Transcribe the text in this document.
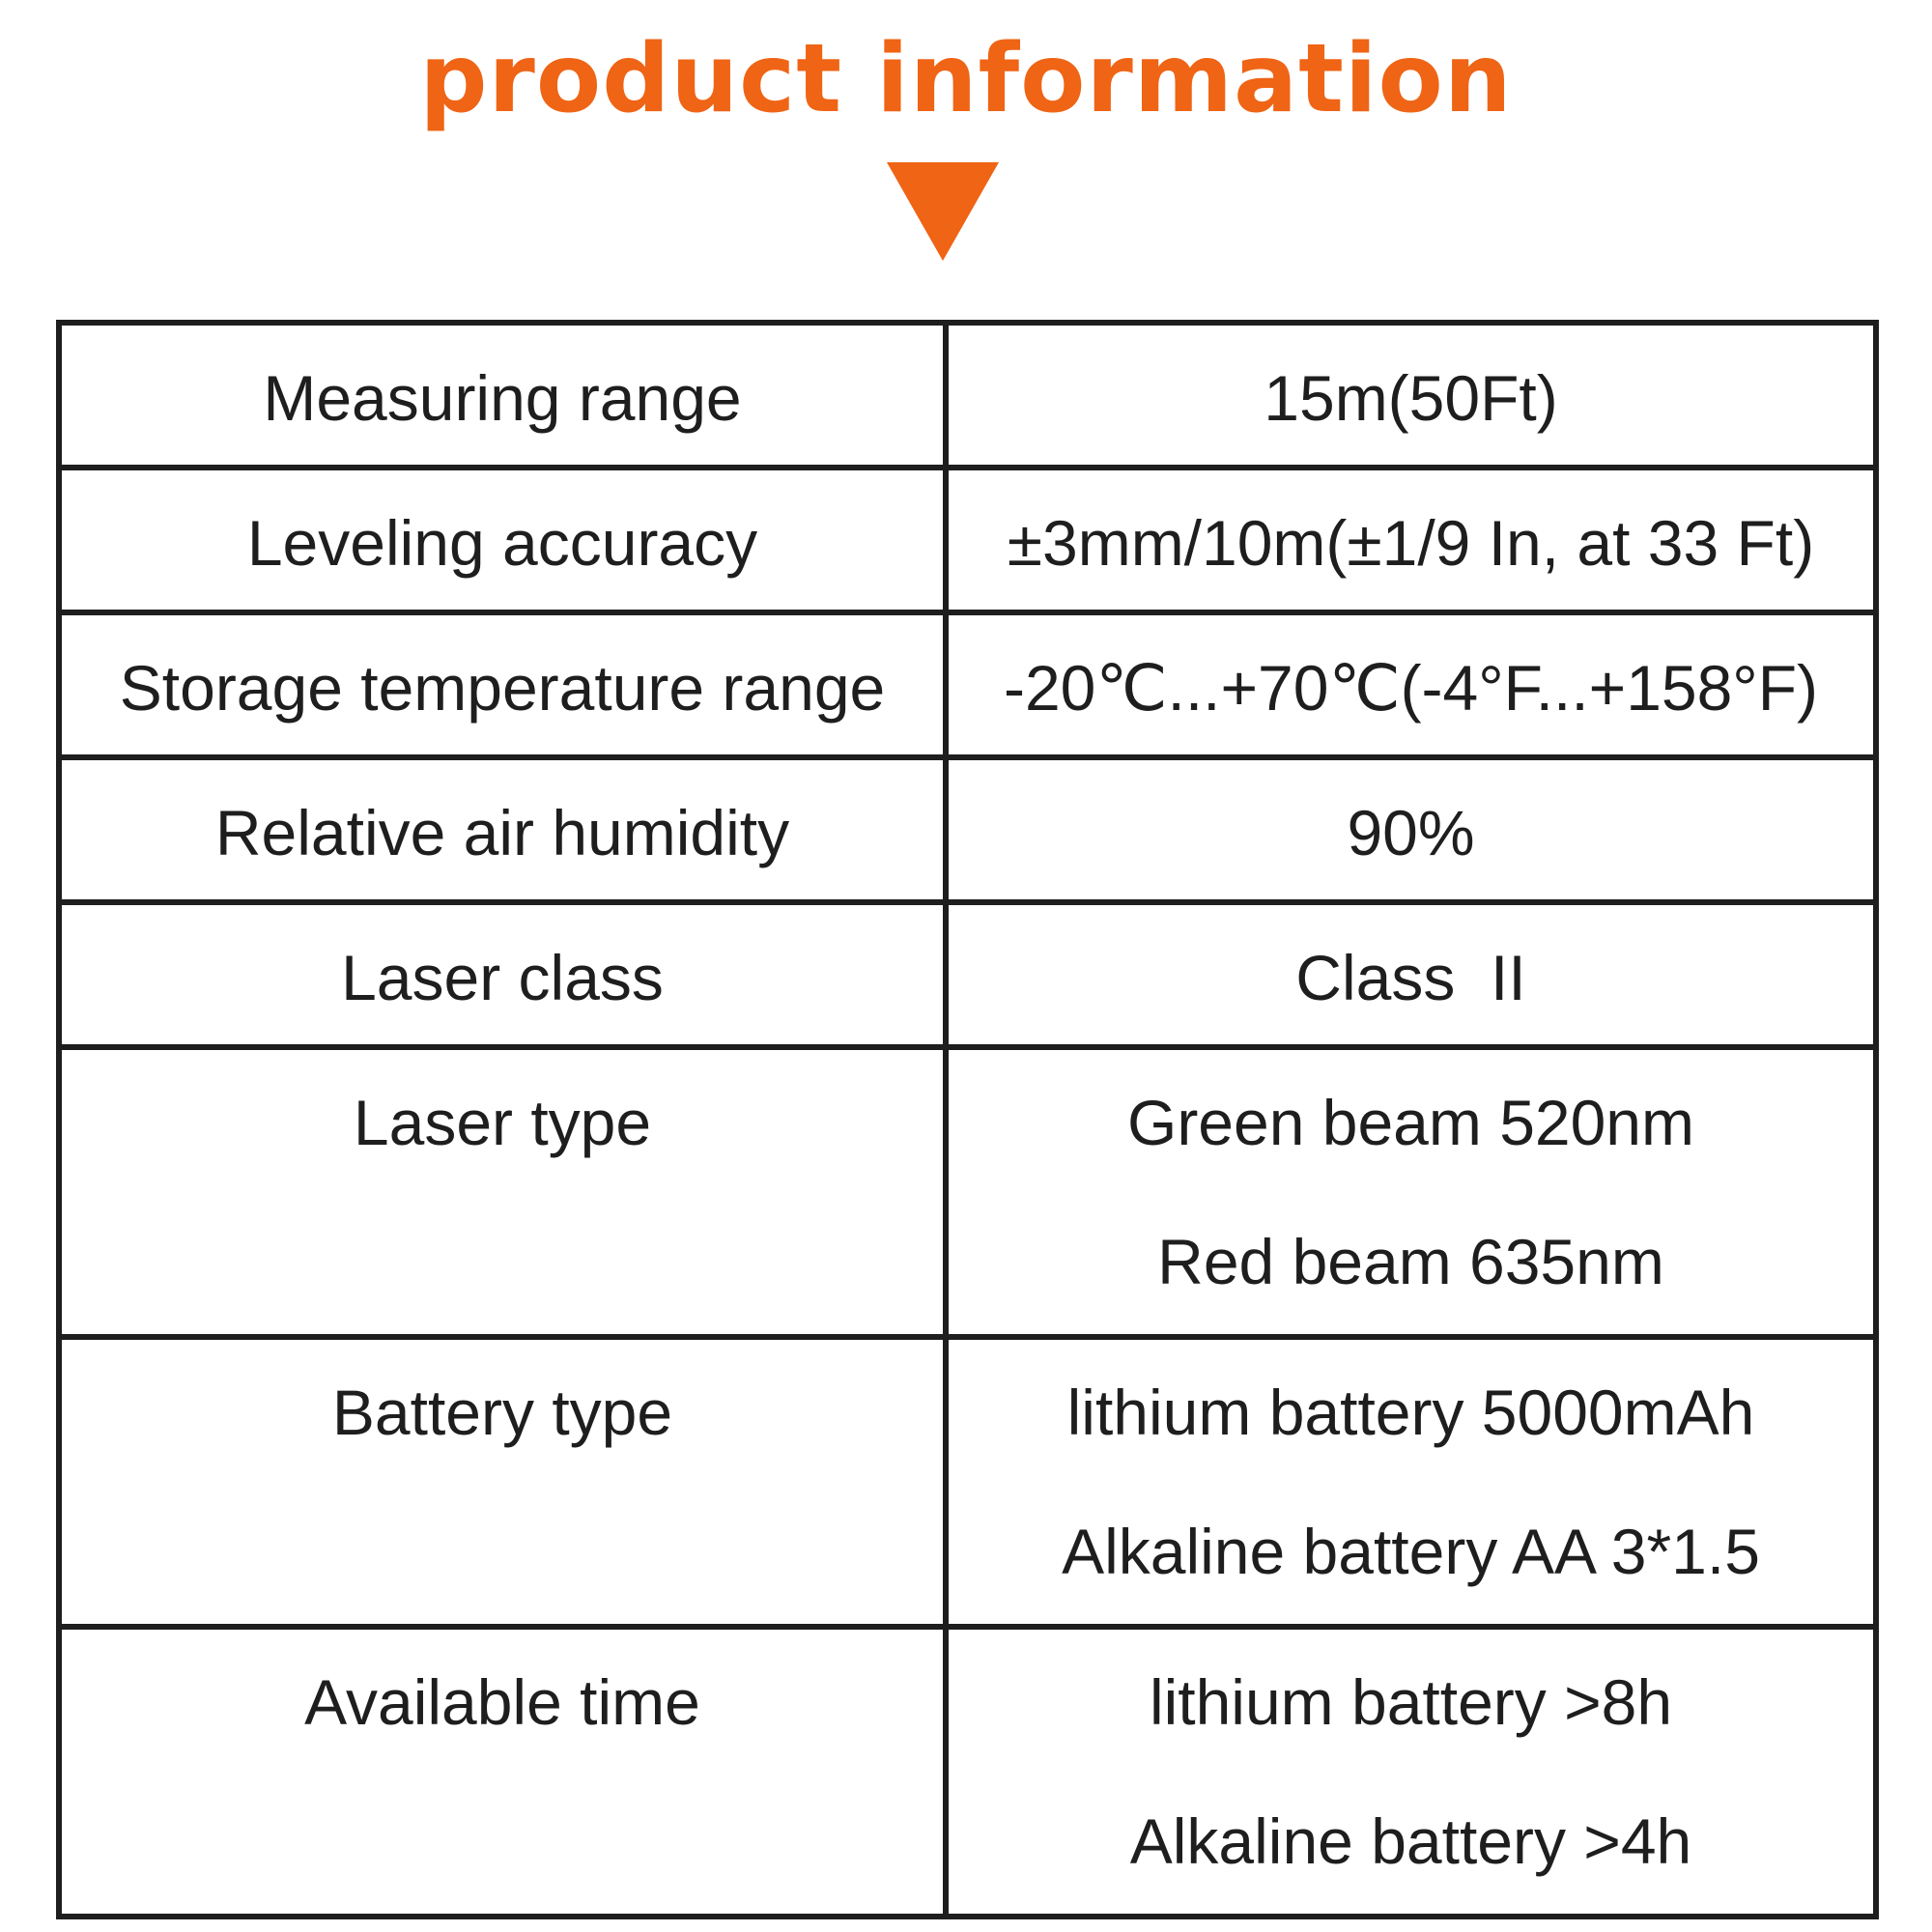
product information
Measuring range	15m(50Ft)

Leveling accuracy	±3mm/10m(±1/9 In, at 33 Ft)

Storage temperature range	-20℃...+70℃(-4°F...+158°F)

Relative air humidity	90%

Laser class	Class  II

Laser type	Green beam 520nm
Red beam 635nm

Battery type	lithium battery 5000mAh
Alkaline battery AA 3*1.5

Available time	lithium battery >8h
Alkaline battery >4h
